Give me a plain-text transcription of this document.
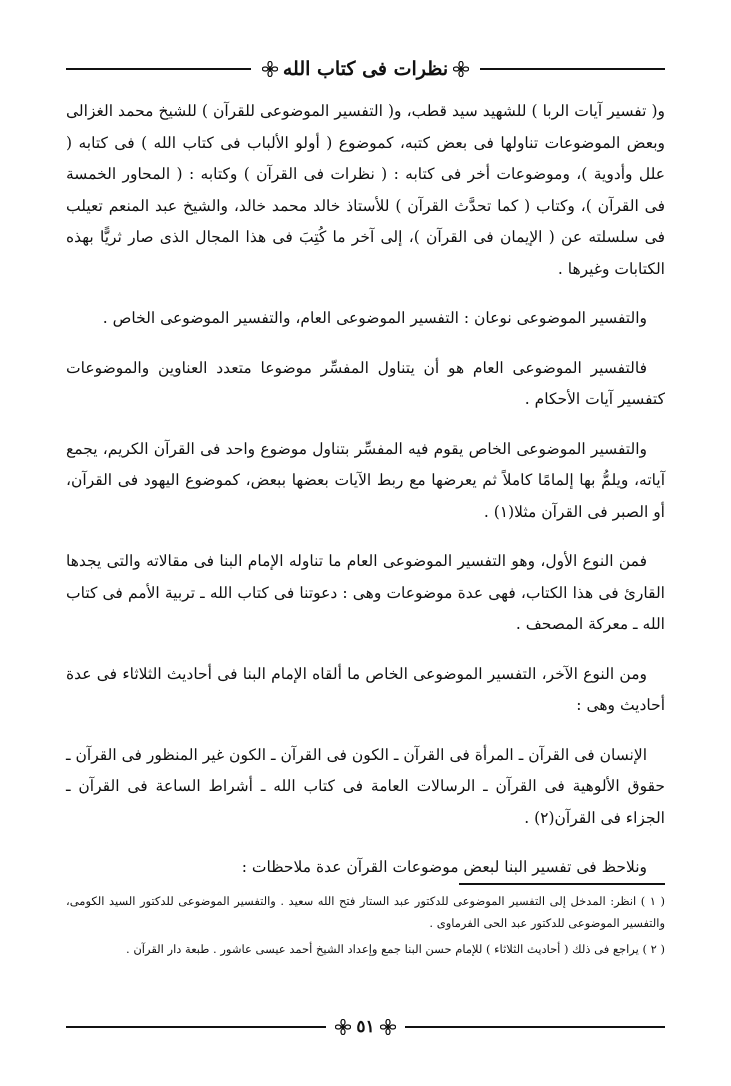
نظرات فى كتاب الله

و( تفسير آيات الربا ) للشهيد سيد قطب، و( التفسير الموضوعى للقرآن ) للشيخ محمد الغزالى وبعض الموضوعات تناولها فى بعض كتبه، كموضوع ( أولو الألباب فى كتاب الله ) فى كتابه ( علل وأدوية )، وموضوعات أخر فى كتابه : ( نظرات فى القرآن ) وكتابه : ( المحاور الخمسة فى القرآن )، وكتاب ( كما تحدَّث القرآن ) للأستاذ خالد محمد خالد، والشيخ عبد المنعم تعيلب فى سلسلته عن ( الإيمان فى القرآن )، إلى آخر ما كُتِبَ فى هذا المجال الذى صار ثريًّا بهذه الكتابات وغيرها .

والتفسير الموضوعى نوعان : التفسير الموضوعى العام، والتفسير الموضوعى الخاص .

فالتفسير الموضوعى العام هو أن يتناول المفسِّر موضوعا متعدد العناوين والموضوعات كتفسير آيات الأحكام .

والتفسير الموضوعى الخاص يقوم فيه المفسِّر بتناول موضوع واحد فى القرآن الكريم، يجمع آياته، ويلمُّ بها إلمامًا كاملاً ثم يعرضها مع ربط الآيات بعضها ببعض، كموضوع اليهود فى القرآن، أو الصبر فى القرآن مثلا(١) .

فمن النوع الأول، وهو التفسير الموضوعى العام ما تناوله الإمام البنا فى مقالاته والتى يجدها القارئ فى هذا الكتاب، فهى عدة موضوعات وهى : دعوتنا فى كتاب الله ـ تربية الأمم فى كتاب الله ـ معركة المصحف .

ومن النوع الآخر، التفسير الموضوعى الخاص ما ألقاه الإمام البنا فى أحاديث الثلاثاء فى عدة أحاديث وهى :

الإنسان فى القرآن ـ المرأة فى القرآن ـ الكون فى القرآن ـ الكون غير المنظور فى القرآن ـ حقوق الألوهية فى القرآن ـ الرسالات العامة فى كتاب الله ـ أشراط الساعة فى القرآن ـ الجزاء فى القرآن(٢) .

ونلاحظ فى تفسير البنا لبعض موضوعات القرآن عدة ملاحظات :

( ١ ) انظر: المدخل إلى التفسير الموضوعى للدكتور عبد الستار فتح الله سعيد . والتفسير الموضوعى للدكتور السيد الكومى، والتفسير الموضوعى للدكتور عبد الحى الفرماوى .

( ٢ ) يراجع فى ذلك ( أحاديث الثلاثاء ) للإمام حسن البنا جمع وإعداد الشيخ أحمد عيسى عاشور . طبعة دار القرآن .

٥١
